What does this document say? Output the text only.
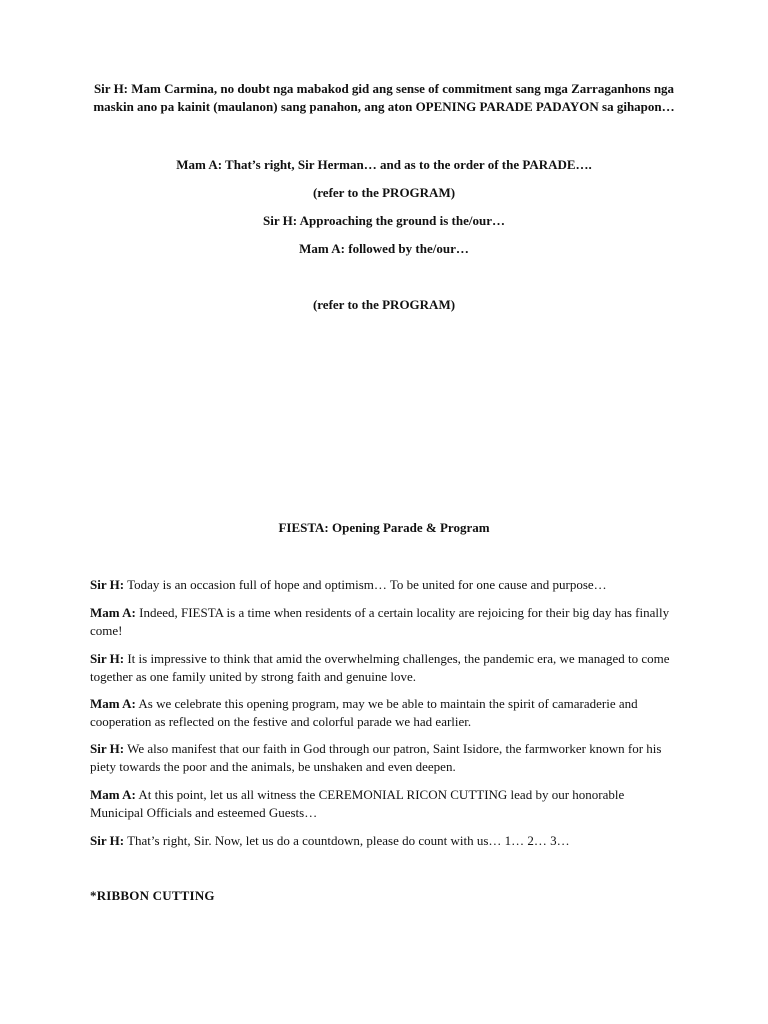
Sir H: Mam Carmina, no doubt nga mabakod gid ang sense of commitment sang mga Zarraganhons nga maskin ano pa kainit (maulanon) sang panahon, ang aton OPENING PARADE PADAYON sa gihapon…

Mam A: That’s right, Sir Herman… and as to the order of the PARADE….

(refer to the PROGRAM)

Sir H: Approaching the ground is the/our…

Mam A: followed by the/our…

(refer to the PROGRAM)

FIESTA: Opening Parade & Program

Sir H: Today is an occasion full of hope and optimism… To be united for one cause and purpose…

Mam A: Indeed, FIESTA is a time when residents of a certain locality are rejoicing for their big day has finally come!

Sir H: It is impressive to think that amid the overwhelming challenges, the pandemic era, we managed to come together as one family united by strong faith and genuine love.

Mam A: As we celebrate this opening program, may we be able to maintain the spirit of camaraderie and cooperation as reflected on the festive and colorful parade we had earlier.

Sir H: We also manifest that our faith in God through our patron, Saint Isidore, the farmworker known for his piety towards the poor and the animals, be unshaken and even deepen.

Mam A: At this point, let us all witness the CEREMONIAL RICON CUTTING lead by our honorable Municipal Officials and esteemed Guests…

Sir H: That’s right, Sir. Now, let us do a countdown, please do count with us… 1… 2… 3…

*RIBBON CUTTING
